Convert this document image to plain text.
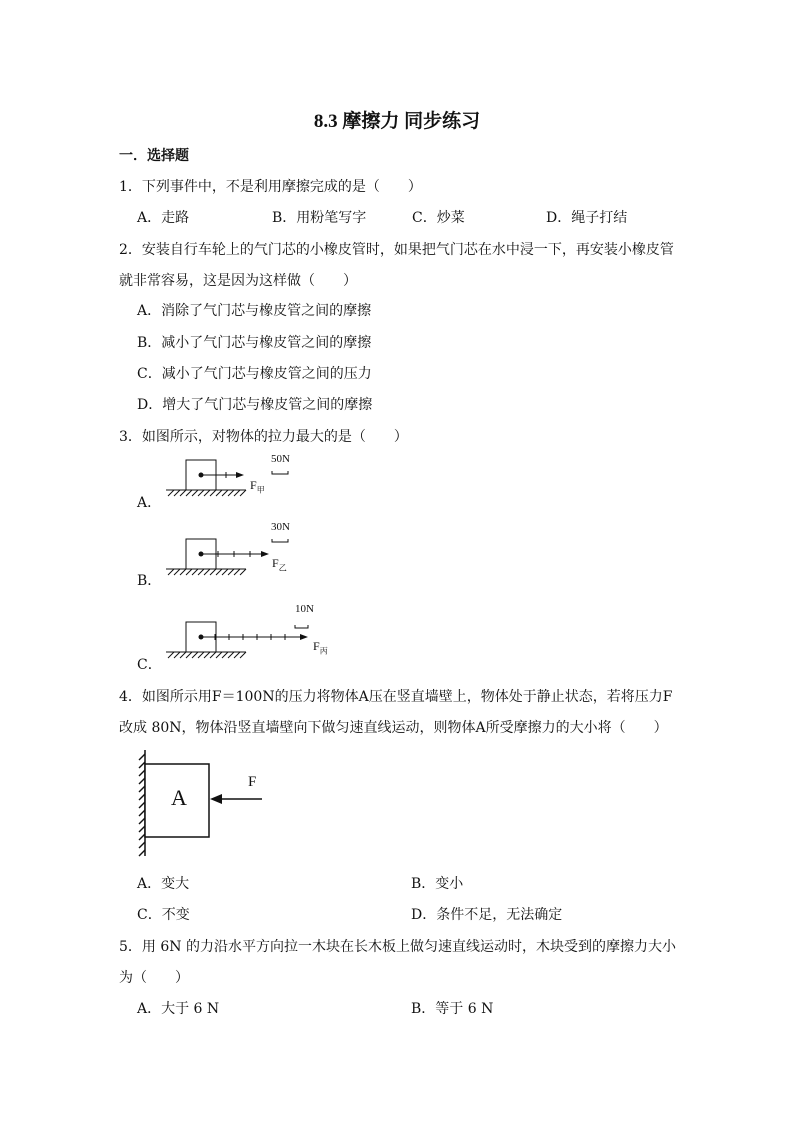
8.3 摩擦力 同步练习
一．选择题
1．下列事件中，不是利用摩擦完成的是（　　）
A．走路	B．用粉笔写字	C．炒菜	D．绳子打结
2．安装自行车轮上的气门芯的小橡皮管时，如果把气门芯在水中浸一下，再安装小橡皮管
就非常容易，这是因为这样做（　　）
A．消除了气门芯与橡皮管之间的摩擦
B．减小了气门芯与橡皮管之间的摩擦
C．减小了气门芯与橡皮管之间的压力
D．增大了气门芯与橡皮管之间的摩擦
3．如图所示，对物体的拉力最大的是（　　）
A．
50N
$F_甲$
B．
30N
$F_乙$
C．
10N
$F_丙$
4．如图所示用F＝100N的压力将物体A压在竖直墙壁上，物体处于静止状态，若将压力F
改成 80N，物体沿竖直墙壁向下做匀速直线运动，则物体A所受摩擦力的大小将（　　）
A
F
A．变大	B．变小
C．不变	D．条件不足，无法确定
5．用 6N 的力沿水平方向拉一木块在长木板上做匀速直线运动时，木块受到的摩擦力大小
为（　　）
A．大于 6 N	B．等于 6 N
